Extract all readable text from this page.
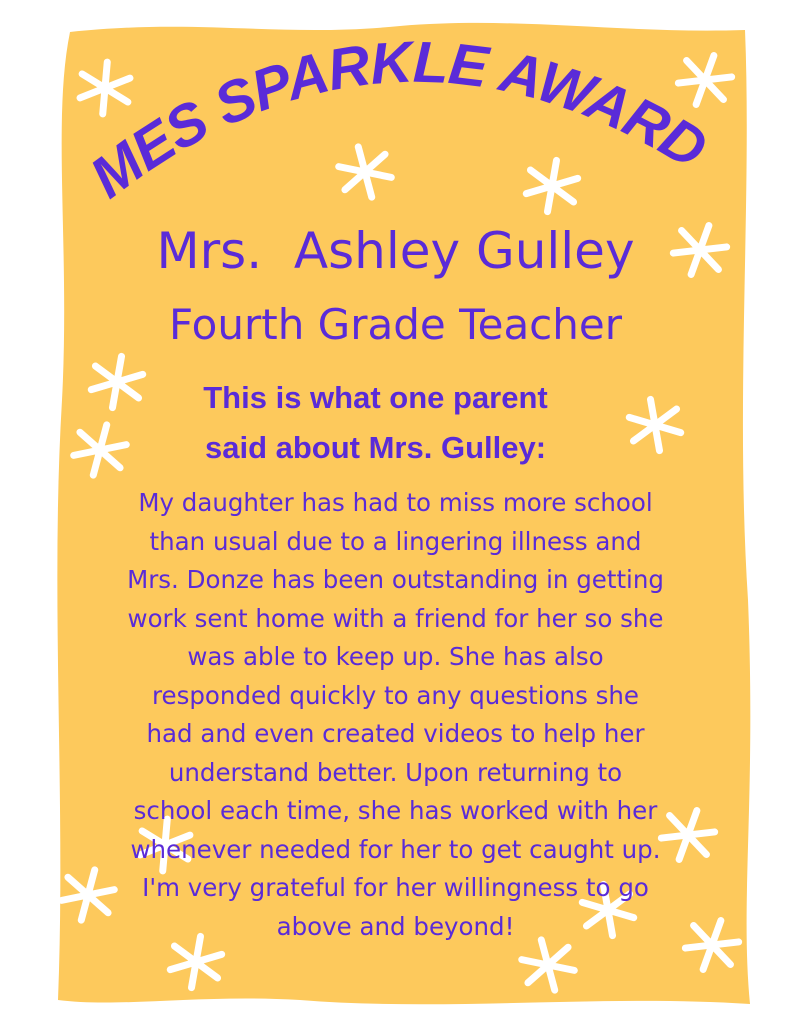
MES SPARKLE AWARD
Mrs.  Ashley Gulley
Fourth Grade Teacher
This is what one parent
said about Mrs. Gulley:
My daughter has had to miss more school
than usual due to a lingering illness and
Mrs. Donze has been outstanding in getting
work sent home with a friend for her so she
was able to keep up. She has also
responded quickly to any questions she
had and even created videos to help her
understand better. Upon returning to
school each time, she has worked with her
whenever needed for her to get caught up.
I'm very grateful for her willingness to go
above and beyond!
